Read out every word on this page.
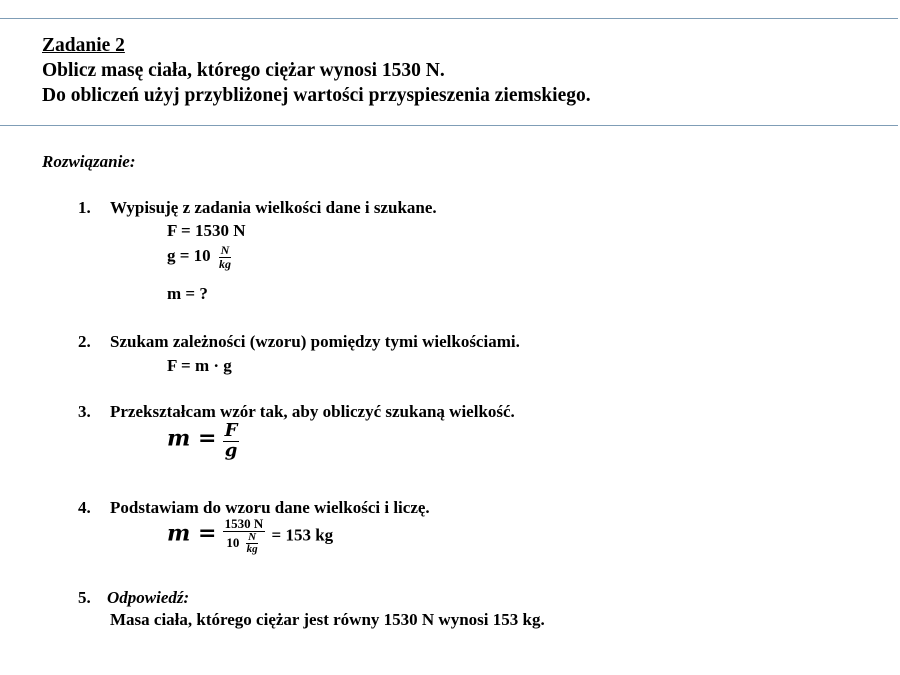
Zadanie 2
Oblicz masę ciała, którego ciężar wynosi 1530 N.
Do obliczeń użyj przybliżonej wartości przyspieszenia ziemskiego.
Rozwiązanie:
1. Wypisuję z zadania wielkości dane i szukane.
F = 1530 N
$g = 10 \frac{N}{kg}$
m = ?
2. Szukam zależności (wzoru) pomiędzy tymi wielkościami.
F = m · g
3. Przekształcam wzór tak, aby obliczyć szukaną wielkość.
$m = \frac{F}{g}$
4. Podstawiam do wzoru dane wielkości i liczę.
$m = \frac{1530 N}{10 \frac{N}{kg}} = 153$ kg
5. Odpowiedź:
Masa ciała, którego ciężar jest równy 1530 N wynosi 153 kg.
